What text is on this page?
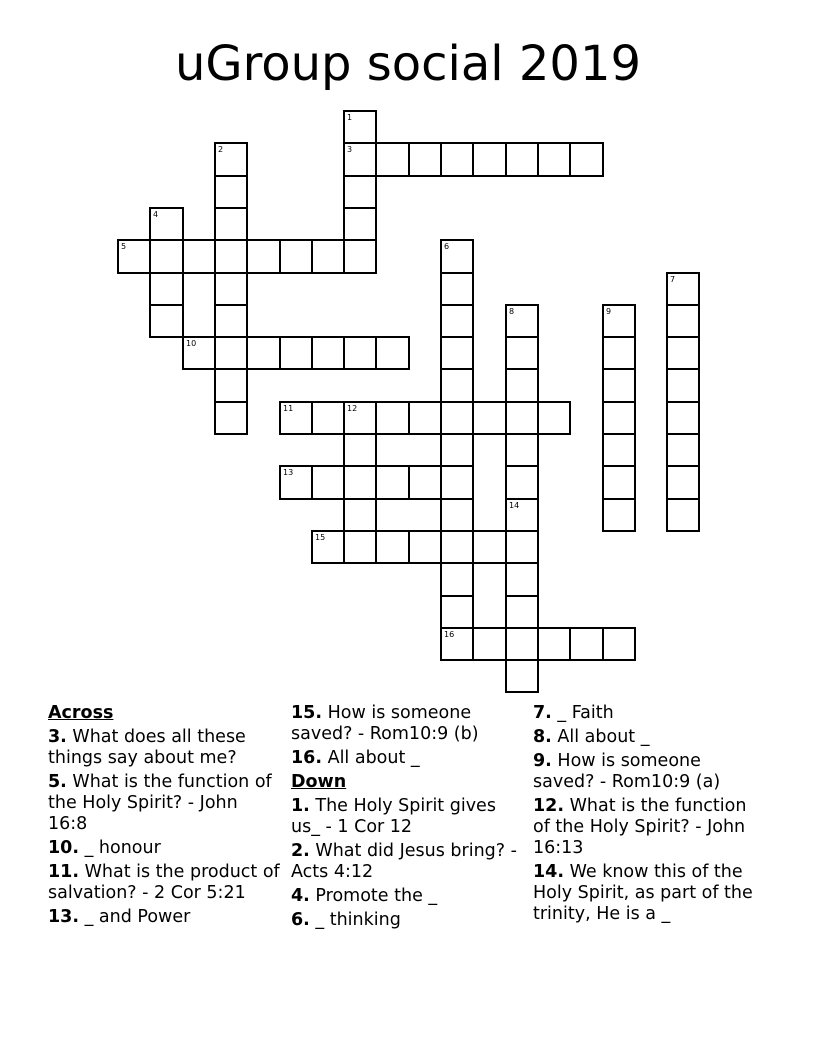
uGroup social 2019
1
3
2
4
5	6
7
8	9
10
11	12
13
14
15
16
Across
3. What does all these things say about me?
5. What is the function of the Holy Spirit? - John 16:8
10. _ honour
11. What is the product of salvation? - 2 Cor 5:21
13. _ and Power
15. How is someone saved? - Rom10:9 (b)
16. All about _
Down
1. The Holy Spirit gives us_ - 1 Cor 12
2. What did Jesus bring? - Acts 4:12
4. Promote the _
6. _ thinking
7. _ Faith
8. All about _
9. How is someone saved? - Rom10:9 (a)
12. What is the function of the Holy Spirit? - John 16:13
14. We know this of the Holy Spirit, as part of the trinity, He is a _
